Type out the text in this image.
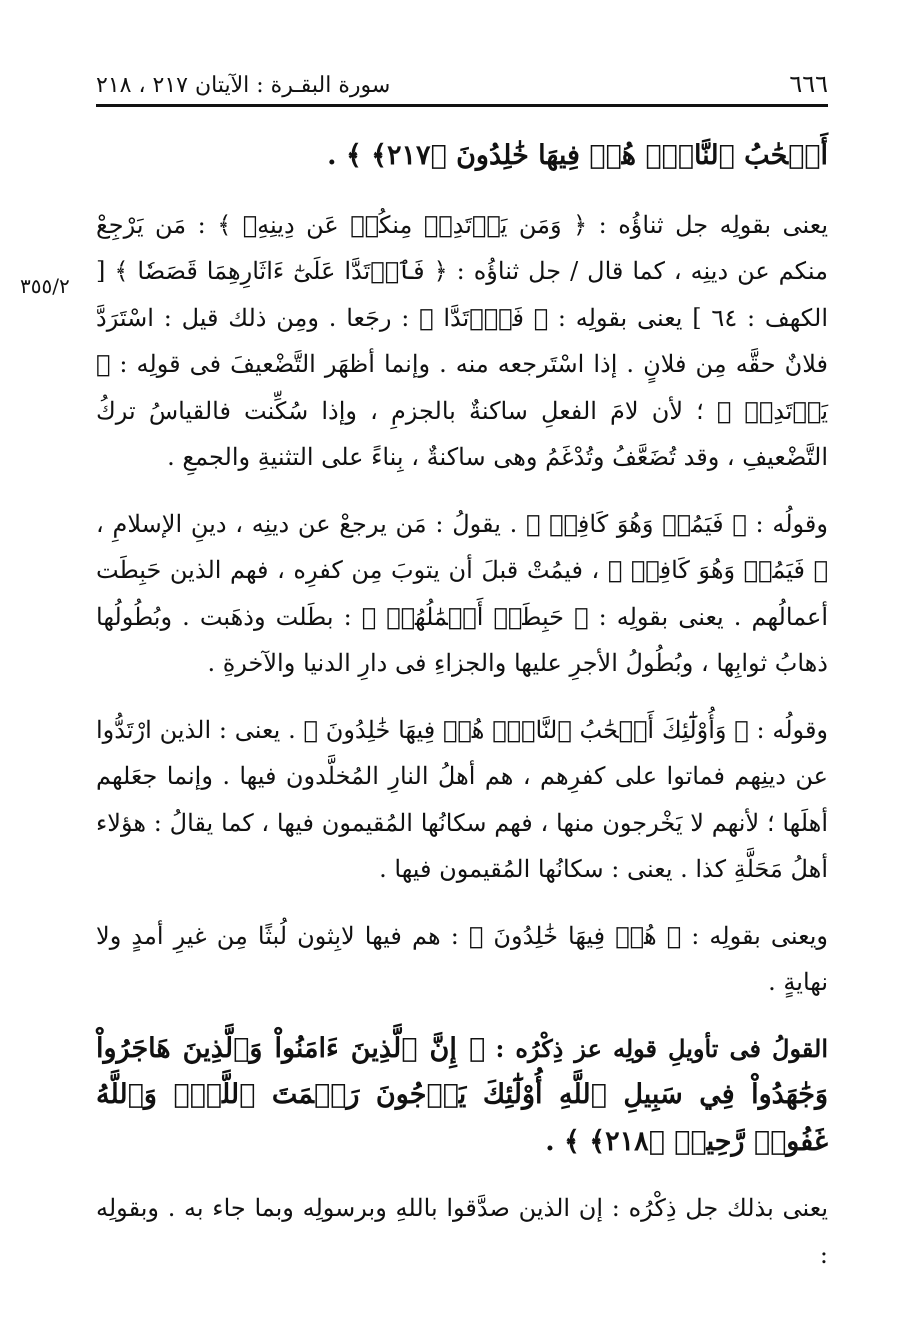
٦٦٦
سورة البقـرة : الآيتان ٢١٧ ، ٢١٨
٣٥٥/٢

أَصۡحَٰبُ ٱلنَّارِۖ هُمۡ فِيهَا خَٰلِدُونَ ﴿٢١٧﴾ ﴾ .

يعنى بقولِه جل ثناؤُه : ﴿ وَمَن يَرۡتَدِدۡ مِنكُمۡ عَن دِينِهِۦ ﴾ : مَن يَرْجِعْ منكم عن دينِه ، كما قال / جل ثناؤُه : ﴿ فَٱرۡتَدَّا عَلَىٰٓ ءَاثَارِهِمَا قَصَصٗا ﴾ [ الكهف : ٦٤ ] يعنى بقولِه : ﴿ فَٱرۡتَدَّا ﴾ : رجَعا . ومِن ذلك قيل : اسْتَرَدَّ فلانٌ حقَّه مِن فلانٍ . إذا اسْتَرجعه منه . وإنما أظهَر التَّضْعيفَ فى قولِه : ﴿ يَرۡتَدِدۡ ﴾ ؛ لأن لامَ الفعلِ ساكنةٌ بالجزمِ ، وإذا سُكِّنت فالقياسُ تركُ التَّضْعيفِ ، وقد تُضَعَّفُ وتُدْغَمُ وهى ساكنةٌ ، بِناءً على التثنيةِ والجمعِ .

وقولُه : ﴿ فَيَمُتۡ وَهُوَ كَافِرٞ ﴾ . يقولُ : مَن يرجعْ عن دينِه ، دينِ الإسلامِ ، ﴿ فَيَمُتۡ وَهُوَ كَافِرٞ ﴾ ، فيمُتْ قبلَ أن يتوبَ مِن كفرِه ، فهم الذين حَبِطَت أعمالُهم . يعنى بقولِه : ﴿ حَبِطَتۡ أَعۡمَٰلُهُمۡ ﴾ : بطَلت وذهَبت . وبُطُولُها ذهابُ ثوابِها ، وبُطُولُ الأجرِ عليها والجزاءِ فى دارِ الدنيا والآخرةِ .

وقولُه : ﴿ وَأُوْلَٰٓئِكَ أَصۡحَٰبُ ٱلنَّارِۖ هُمۡ فِيهَا خَٰلِدُونَ ﴾ . يعنى : الذين ارْتَدُّوا عن دينِهم فماتوا على كفرِهم ، هم أهلُ النارِ المُخلَّدون فيها . وإنما جعَلهم أهلَها ؛ لأنهم لا يَخْرجون منها ، فهم سكانُها المُقيمون فيها ، كما يقالُ : هؤلاء أهلُ مَحَلَّةِ كذا . يعنى : سكانُها المُقيمون فيها .

ويعنى بقولِه : ﴿ هُمۡ فِيهَا خَٰلِدُونَ ﴾ : هم فيها لابِثون لُبثًا مِن غيرِ أمدٍ ولا نهايةٍ .

القولُ فى تأويلِ قولِه عز ذِكْرُه : ﴿ إِنَّ ٱلَّذِينَ ءَامَنُواْ وَٱلَّذِينَ هَاجَرُواْ وَجَٰهَدُواْ فِي سَبِيلِ ٱللَّهِ أُوْلَٰٓئِكَ يَرۡجُونَ رَحۡمَتَ ٱللَّهِۚ وَٱللَّهُ غَفُورٞ رَّحِيمٞ ﴿٢١٨﴾ ﴾ .

يعنى بذلك جل ذِكْرُه : إن الذين صدَّقوا باللهِ وبرسولِه وبما جاء به . وبقولِه :
